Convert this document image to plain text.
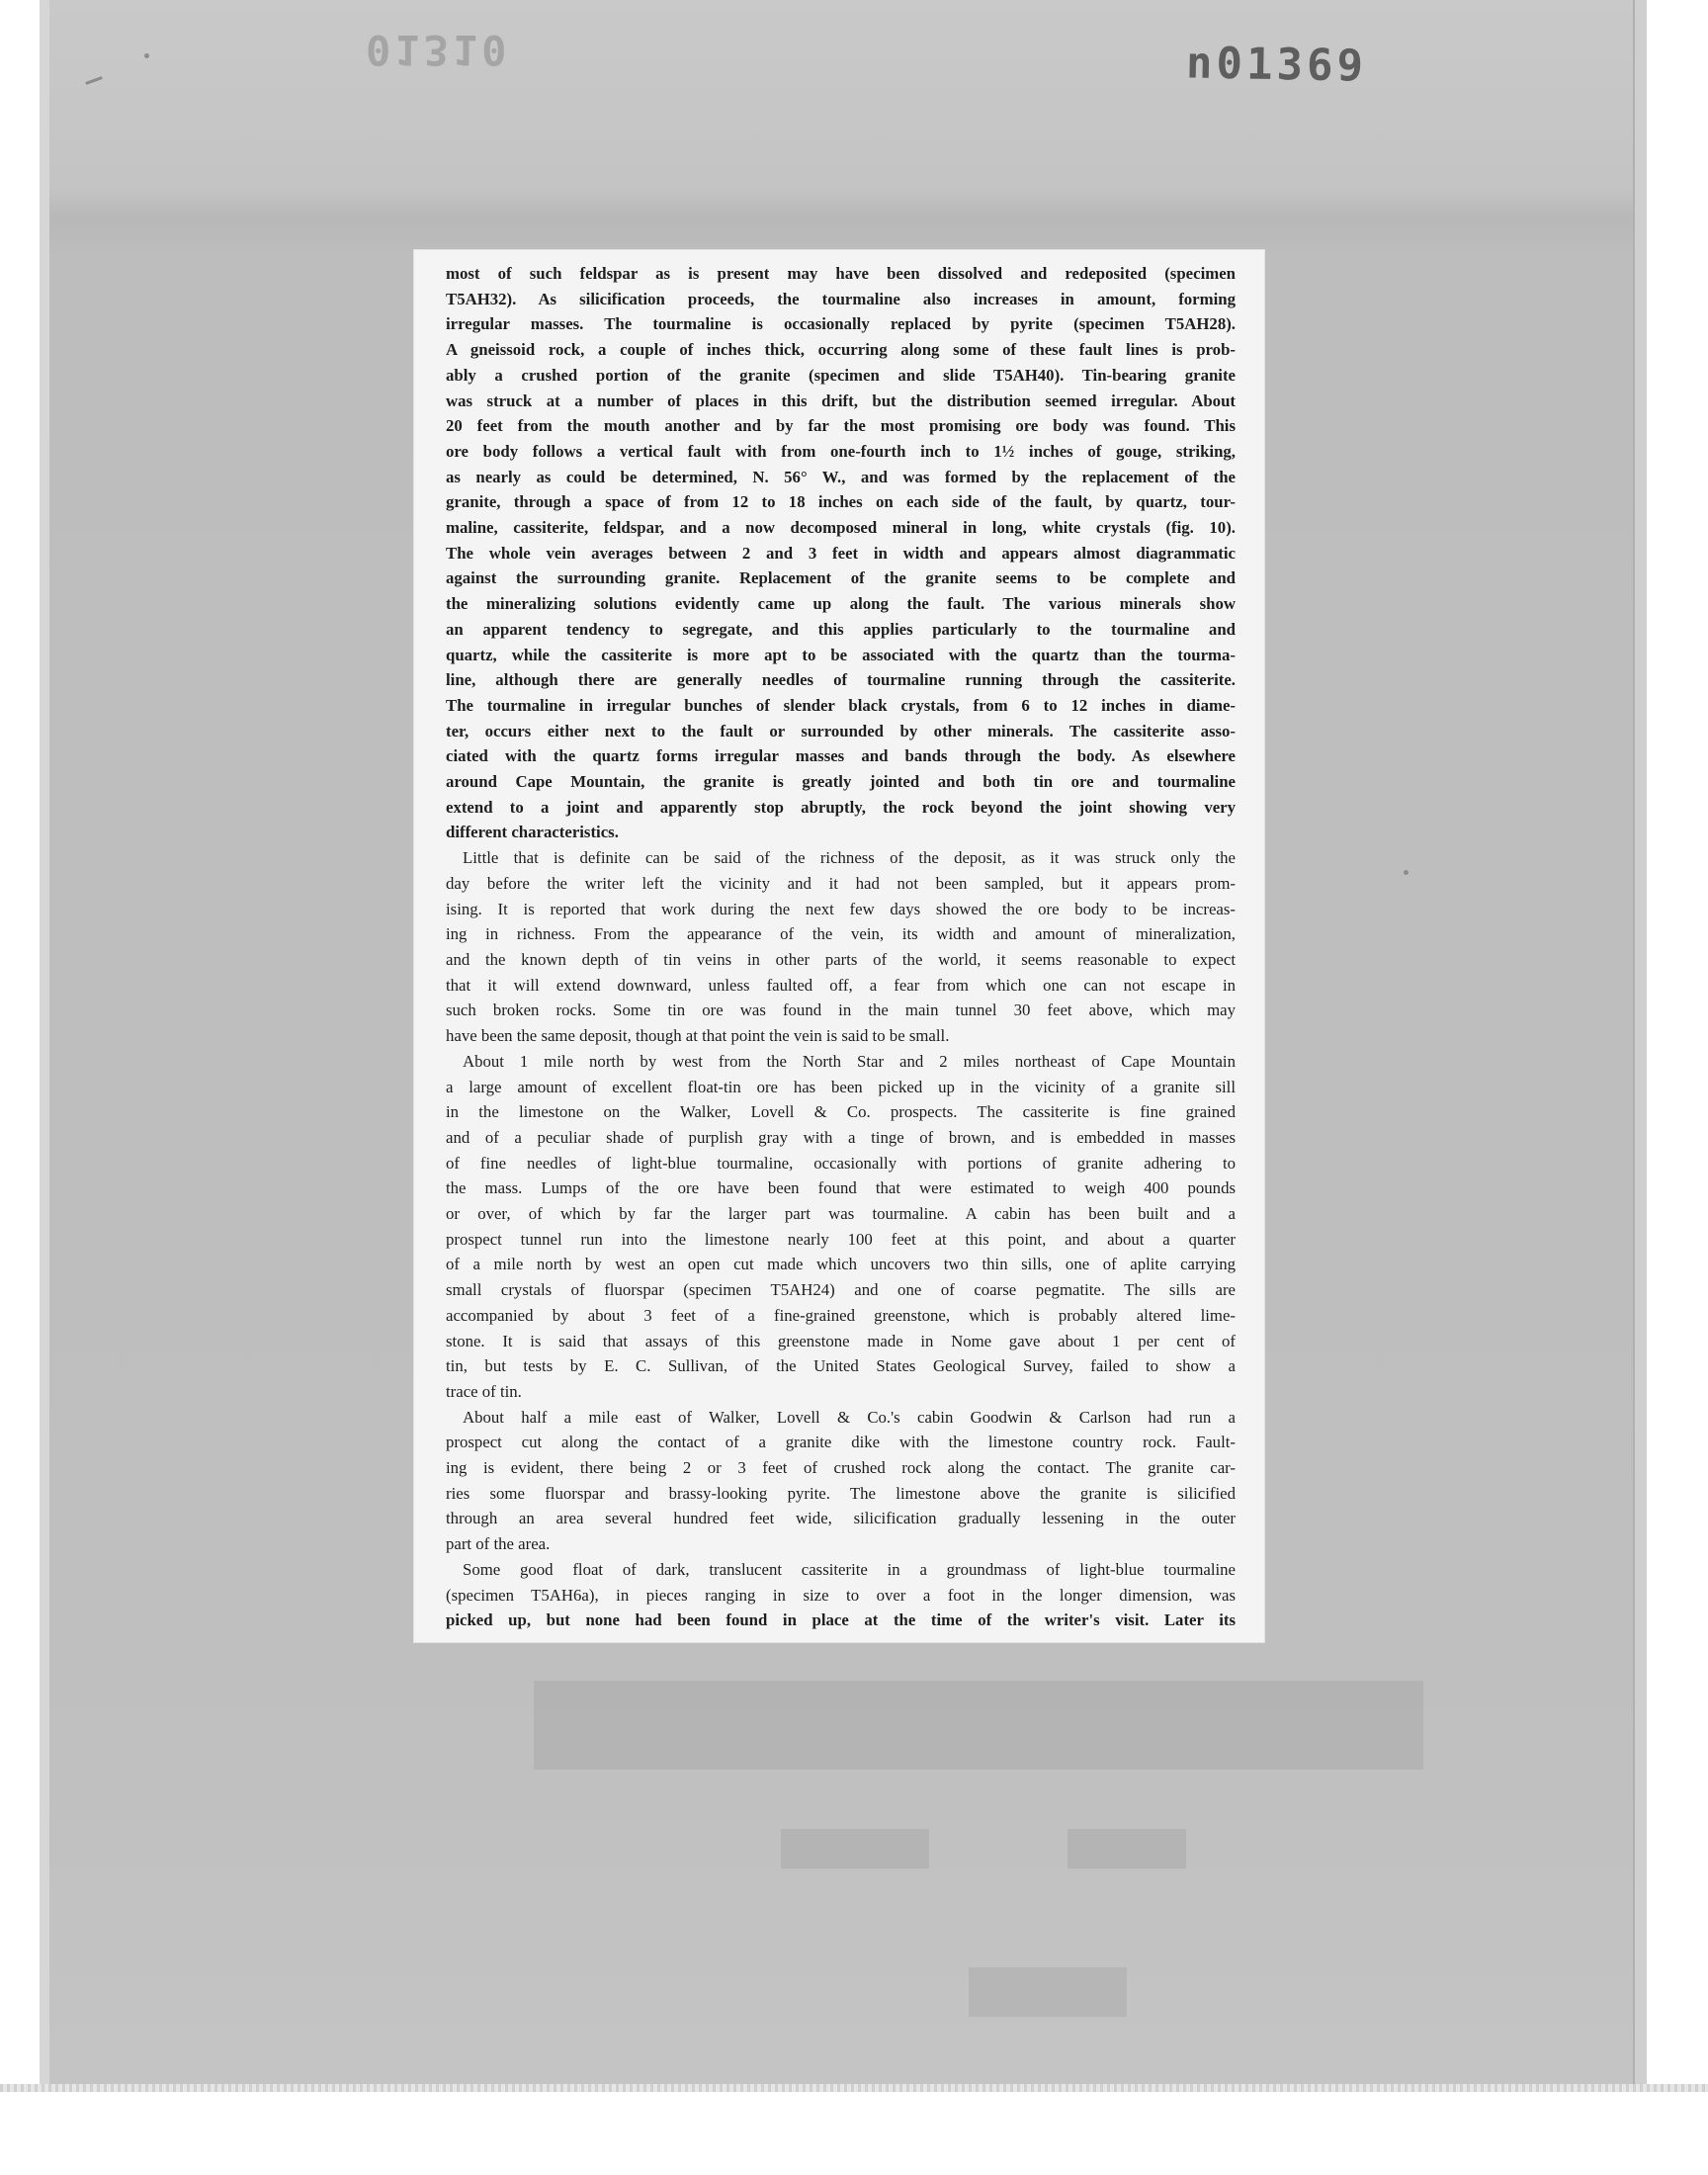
01310	n01369
most of such feldspar as is present may have been dissolved and redeposited (specimen
T5AH32). As silicification proceeds, the tourmaline also increases in amount, forming
irregular masses. The tourmaline is occasionally replaced by pyrite (specimen T5AH28).
A gneissoid rock, a couple of inches thick, occurring along some of these fault lines is prob-
ably a crushed portion of the granite (specimen and slide T5AH40). Tin-bearing granite
was struck at a number of places in this drift, but the distribution seemed irregular. About
20 feet from the mouth another and by far the most promising ore body was found. This
ore body follows a vertical fault with from one-fourth inch to 1½ inches of gouge, striking,
as nearly as could be determined, N. 56° W., and was formed by the replacement of the
granite, through a space of from 12 to 18 inches on each side of the fault, by quartz, tour-
maline, cassiterite, feldspar, and a now decomposed mineral in long, white crystals (fig. 10).
The whole vein averages between 2 and 3 feet in width and appears almost diagrammatic
against the surrounding granite. Replacement of the granite seems to be complete and
the mineralizing solutions evidently came up along the fault. The various minerals show
an apparent tendency to segregate, and this applies particularly to the tourmaline and
quartz, while the cassiterite is more apt to be associated with the quartz than the tourma-
line, although there are generally needles of tourmaline running through the cassiterite.
The tourmaline in irregular bunches of slender black crystals, from 6 to 12 inches in diame-
ter, occurs either next to the fault or surrounded by other minerals. The cassiterite asso-
ciated with the quartz forms irregular masses and bands through the body. As elsewhere
around Cape Mountain, the granite is greatly jointed and both tin ore and tourmaline
extend to a joint and apparently stop abruptly, the rock beyond the joint showing very
different characteristics.
Little that is definite can be said of the richness of the deposit, as it was struck only the
day before the writer left the vicinity and it had not been sampled, but it appears prom-
ising. It is reported that work during the next few days showed the ore body to be increas-
ing in richness. From the appearance of the vein, its width and amount of mineralization,
and the known depth of tin veins in other parts of the world, it seems reasonable to expect
that it will extend downward, unless faulted off, a fear from which one can not escape in
such broken rocks. Some tin ore was found in the main tunnel 30 feet above, which may
have been the same deposit, though at that point the vein is said to be small.
About 1 mile north by west from the North Star and 2 miles northeast of Cape Mountain
a large amount of excellent float-tin ore has been picked up in the vicinity of a granite sill
in the limestone on the Walker, Lovell & Co. prospects. The cassiterite is fine grained
and of a peculiar shade of purplish gray with a tinge of brown, and is embedded in masses
of fine needles of light-blue tourmaline, occasionally with portions of granite adhering to
the mass. Lumps of the ore have been found that were estimated to weigh 400 pounds
or over, of which by far the larger part was tourmaline. A cabin has been built and a
prospect tunnel run into the limestone nearly 100 feet at this point, and about a quarter
of a mile north by west an open cut made which uncovers two thin sills, one of aplite carrying
small crystals of fluorspar (specimen T5AH24) and one of coarse pegmatite. The sills are
accompanied by about 3 feet of a fine-grained greenstone, which is probably altered lime-
stone. It is said that assays of this greenstone made in Nome gave about 1 per cent of
tin, but tests by E. C. Sullivan, of the United States Geological Survey, failed to show a
trace of tin.
About half a mile east of Walker, Lovell & Co.'s cabin Goodwin & Carlson had run a
prospect cut along the contact of a granite dike with the limestone country rock. Fault-
ing is evident, there being 2 or 3 feet of crushed rock along the contact. The granite car-
ries some fluorspar and brassy-looking pyrite. The limestone above the granite is silicified
through an area several hundred feet wide, silicification gradually lessening in the outer
part of the area.
Some good float of dark, translucent cassiterite in a groundmass of light-blue tourmaline
(specimen T5AH6a), in pieces ranging in size to over a foot in the longer dimension, was
picked up, but none had been found in place at the time of the writer's visit. Later its
